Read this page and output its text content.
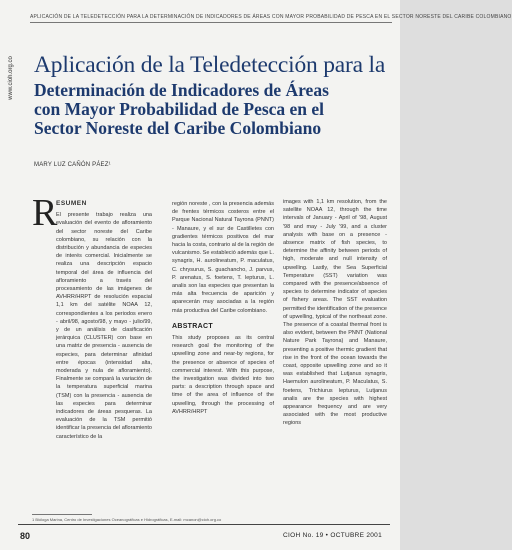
APLICACIÓN DE LA TELEDETECCIÓN PARA LA DETERMINACIÓN DE INDICADORES DE ÁREAS CON MAYOR PROBABILIDAD DE PESCA EN EL SECTOR NORESTE DEL CARIBE COLOMBIANO
www.cioh.org.co Aplicación de la Teledetección para la
Determinación de Indicadores de Áreas
con Mayor Probabilidad de Pesca en el
Sector Noreste del Caribe Colombiano
MARY LUZ CAÑÓN PÁEZ¹
R
ESUMEN
El presente trabajo realiza una evaluación del evento de afloramiento del sector noreste del Caribe colombiano, su relación con la distribución y abundancia de especies de interés comercial. Inicialmente se realiza una descripción espacio temporal del área de influencia del afloramiento a través del procesamiento de las imágenes de AVHRR/HRPT de resolución espacial 1,1 km del satélite NOAA 12, correspondientes a los periodos enero - abril/98, agosto/98, y mayo - julio/99, y de un análisis de clasificación jerárquica (CLUSTER) con base en una matriz de presencia - ausencia de especies, para determinar afinidad entre épocas (intensidad alta, moderada y nula de afloramiento). Finalmente se compará la variación de la temperatura superficial marina (TSM) con la presencia - ausencia de las especies para determinar indicadores de áreas pesqueras. La evaluación de la TSM permitió identificar la presencia del afloramiento característico de la
región noreste , con la presencia además de frentes térmicos costeros entre el Parque Nacional Natural Tayrona (PNNT) - Manaure, y el sur de Castilletes con gradientes térmicos positivos del mar hacia la costa, contrario al de la región de vulcanismo. Se estableció además que L. synagris, H. aurolineatum, P. maculatus, C. chrysurus, S. guachancho, J. parvus, P. arenatus, S. foetens, T. lepturus, L. analis son las especies que presentan la más alta frecuencia de aparición y aparecerán muy asociadas a la región más productiva del Caribe colombiano.
ABSTRACT
This study proposes as its central research goal the monitoring of the upwelling zone and near-by regions, for the presence or absence of species of commercial interest. With this purpose, the investigation was divided into two parts: a description through space and time of the area of influence of the upwelling, through the processing of AVHRR/HRPT
images with 1,1 km resolution, from the satellite NOAA 12, through the time intervals of January - April of '98, August '98 and may - July '99, and a cluster analysis with base on a presence - absence matrix of fish species, to determine the affinity between periods of high, moderate and null intensity of upwelling. Lastly, the Sea Superficial Temperature (SST) variation was compared with the presence/absence of species to determine indicator of species of fishery areas. The SST evaluation permitted the identification of the presence of upwelling, typical of the northeast zone. The presence of a coastal thermal front is also evident, between the PNNT (National Nature Park Tayrona) and Manaure, presenting a positive thermic gradient that rise in the front of the ocean towards the coast, opposite upwelling zone and so it was established that Lutjanus synagris, Haemulon aurolineatum, P. Maculatus, S. foetens, Trichiurus lepturus, Lutjanus analis are the species with highest appearance frequency and are very associated with the most productive regions
1 Bióloga Marina, Centro de Investigaciones Oceanográficas e Hidrográficas, E-mail: mcanon@cioh.org.co
80	CIOH No. 19 • OCTUBRE 2001
